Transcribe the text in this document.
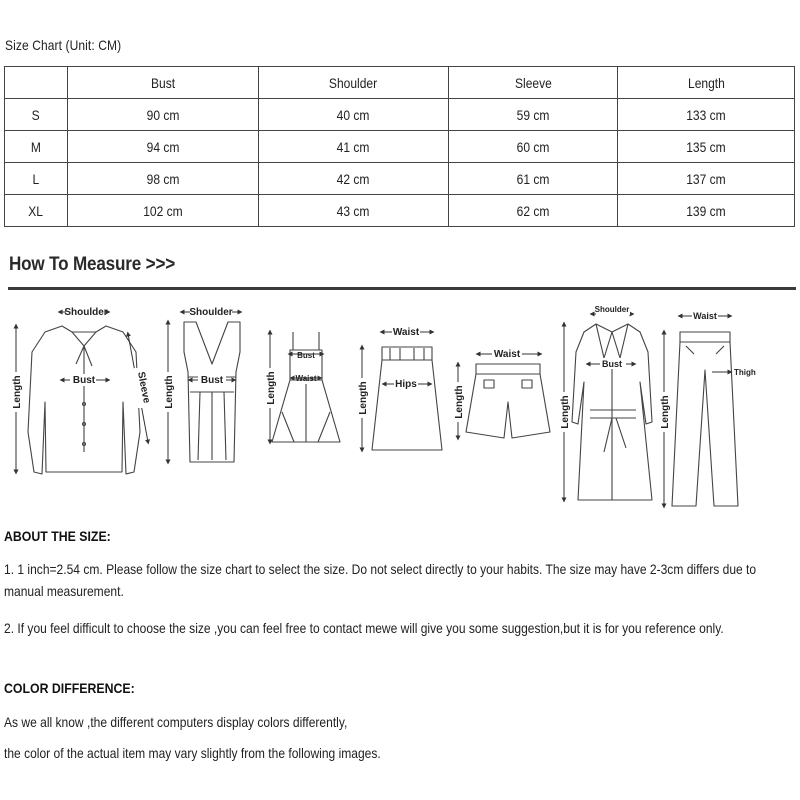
Size Chart (Unit: CM)
	Bust	Shoulder	Sleeve	Length
S	90 cm	40 cm	59 cm	133 cm
M	94 cm	41 cm	60 cm	135 cm
L	98 cm	42 cm	61 cm	137 cm
XL	102 cm	43 cm	62 cm	139 cm
How To Measure >>>
Shoulder
Length	Bust	Sleeve
Shoulder
Length	Bust	Length
Bust
Waist
Waist
Length	Hips
Waist
Length
Shoulder
Length
Bust
Waist
Length
Thigh
ABOUT THE SIZE:
1. 1 inch=2.54 cm. Please follow the size chart to select the size. Do not select directly to your habits. The size may have 2-3cm differs due to
manual measurement.
2. If you feel difficult to choose the size ,you can feel free to contact mewe will give you some suggestion,but it is for you reference only.
COLOR DIFFERENCE:
As we all know ,the different computers display colors differently,
the color of the actual item may vary slightly from the following images.
